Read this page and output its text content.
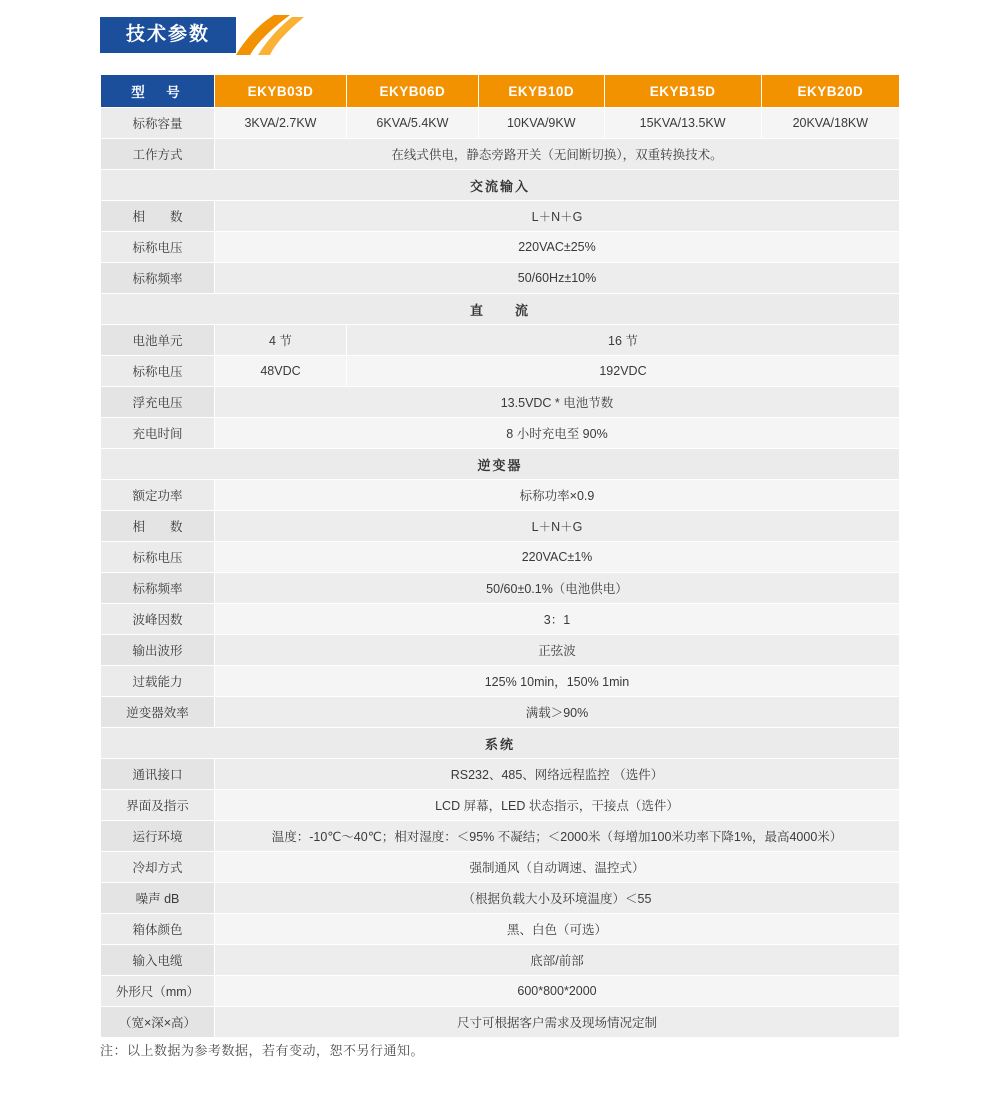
技术参数
型　号	EKYB03D	EKYB06D	EKYB10D	EKYB15D	EKYB20D
标称容量	3KVA/2.7KW	6KVA/5.4KW	10KVA/9KW	15KVA/13.5KW	20KVA/18KW
工作方式	在线式供电，静态旁路开关（无间断切换），双重转换技术。				
交流输入					
相　　数	L＋N＋G				
标称电压	220VAC±25%				
标称频率	50/60Hz±10%				
直　　流					
电池单元	4 节	16 节			
标称电压	48VDC	192VDC			
浮充电压	13.5VDC * 电池节数				
充电时间	8 小时充电至 90%				
逆变器					
额定功率	标称功率×0.9				
相　　数	L＋N＋G				
标称电压	220VAC±1%				
标称频率	50/60±0.1%（电池供电）				
波峰因数	3：1				
输出波形	正弦波				
过载能力	125% 10min，150% 1min				
逆变器效率	满载＞90%				
系统					
通讯接口	RS232、485、网络远程监控 （选件）				
界面及指示	LCD 屏幕，LED 状态指示，干接点（选件）				
运行环境	温度：-10℃～40℃；相对湿度：＜95% 不凝结；＜2000米（每增加100米功率下降1%，最高4000米）				
冷却方式	强制通风（自动调速、温控式）				
噪声 dB	（根据负载大小及环境温度）＜55				
箱体颜色	黑、白色（可选）				
输入电缆	底部/前部				
外形尺（mm）	600*800*2000				
（宽×深×高）	尺寸可根据客户需求及现场情况定制				
注：以上数据为参考数据，若有变动，恕不另行通知。
